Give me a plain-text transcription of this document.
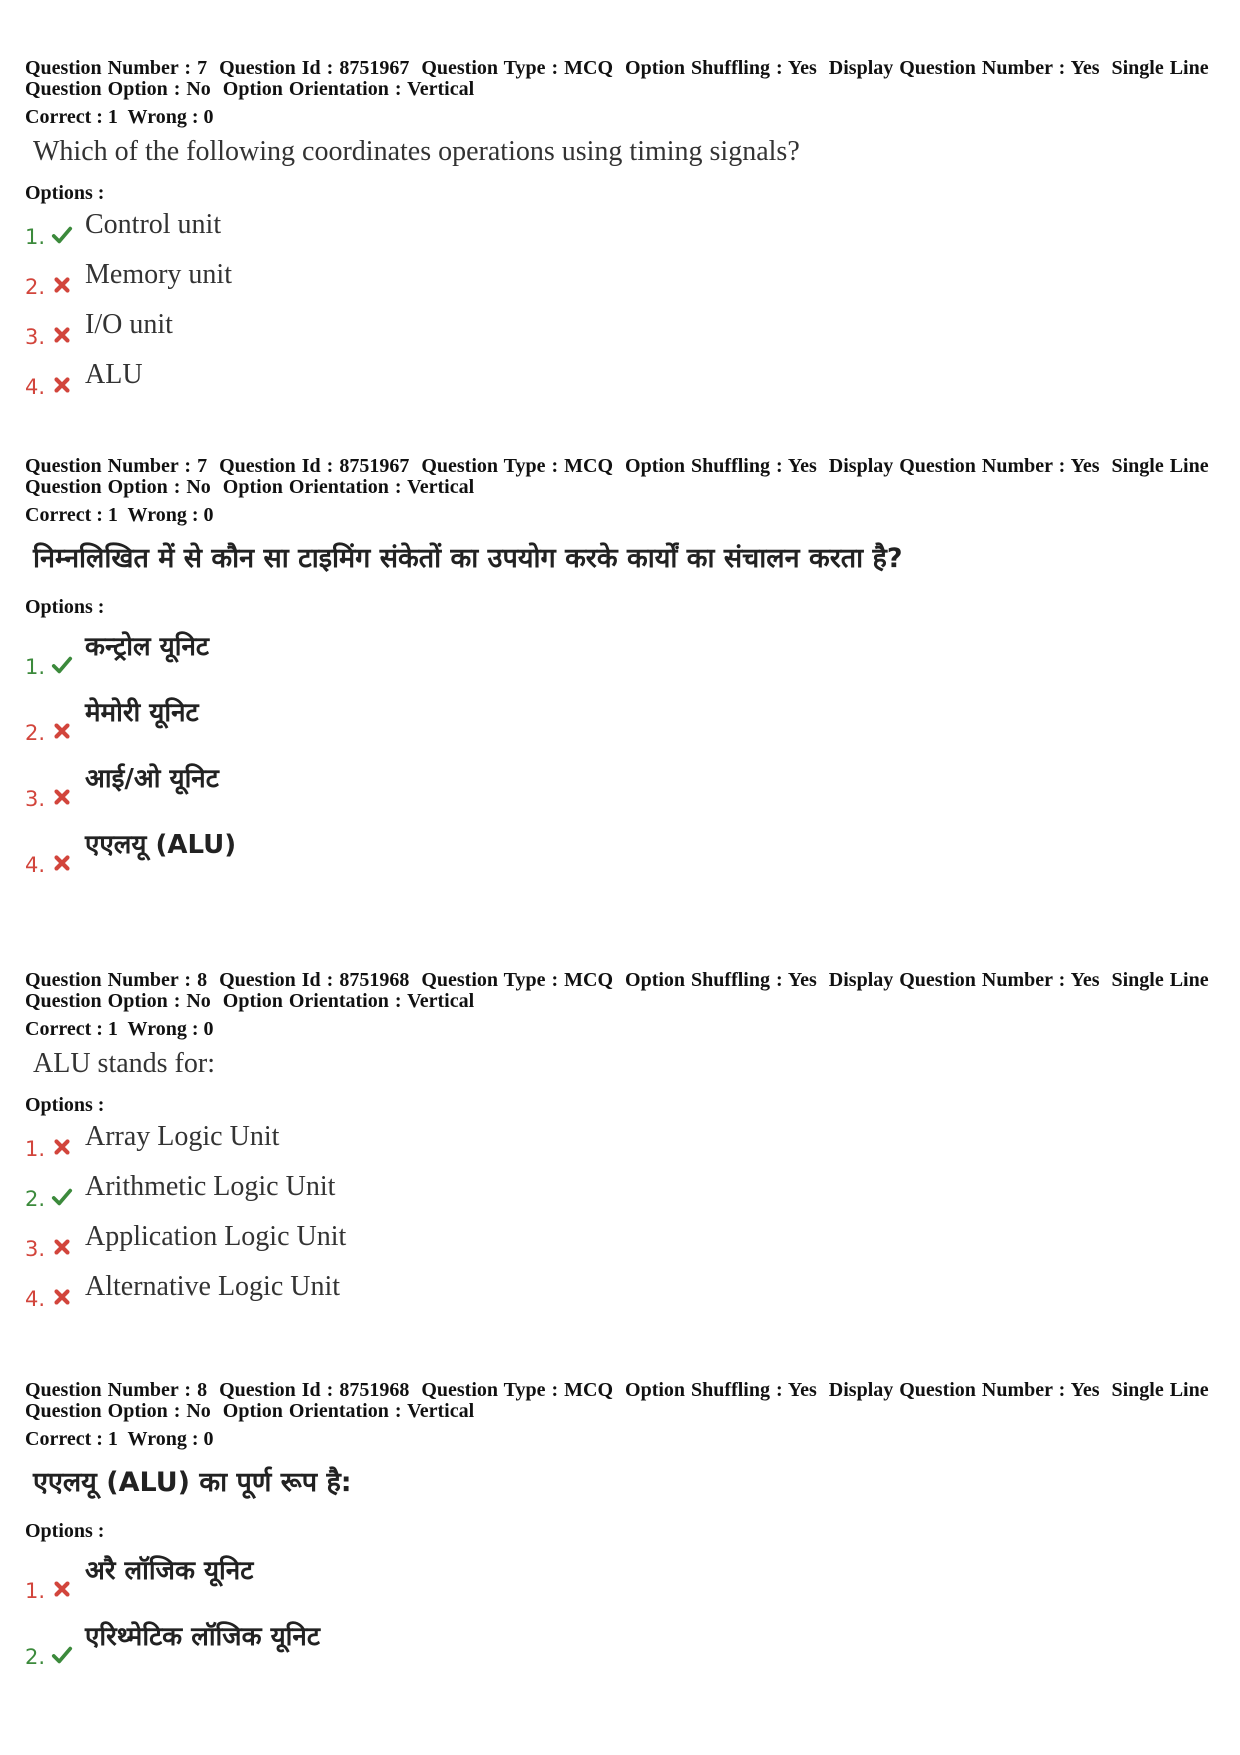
Question Number : 7  Question Id : 8751967  Question Type : MCQ  Option Shuffling : Yes  Display Question Number : Yes  Single Line Question Option : No  Option Orientation : Vertical
Correct : 1  Wrong : 0
Which of the following coordinates operations using timing signals?
Options :
1. Control unit
2. Memory unit
3. I/O unit
4. ALU
Question Number : 7  Question Id : 8751967  Question Type : MCQ  Option Shuffling : Yes  Display Question Number : Yes  Single Line Question Option : No  Option Orientation : Vertical
Correct : 1  Wrong : 0
निम्नलिखित में से कौन सा टाइमिंग संकेतों का उपयोग करके कार्यों का संचालन करता है?
Options :
1.
कन्ट्रोल यूनिट
2.
मेमोरी यूनिट
3.
आई/ओ यूनिट
4.
एएलयू (ALU)
Question Number : 8  Question Id : 8751968  Question Type : MCQ  Option Shuffling : Yes  Display Question Number : Yes  Single Line Question Option : No  Option Orientation : Vertical
Correct : 1  Wrong : 0
ALU stands for:
Options :
1. Array Logic Unit
2. Arithmetic Logic Unit
3. Application Logic Unit
4. Alternative Logic Unit
Question Number : 8  Question Id : 8751968  Question Type : MCQ  Option Shuffling : Yes  Display Question Number : Yes  Single Line Question Option : No  Option Orientation : Vertical
Correct : 1  Wrong : 0
एएलयू (ALU) का पूर्ण रूप है:
Options :
1.
अरै लॉजिक यूनिट
2.
एरिथ्मेटिक लॉजिक यूनिट
